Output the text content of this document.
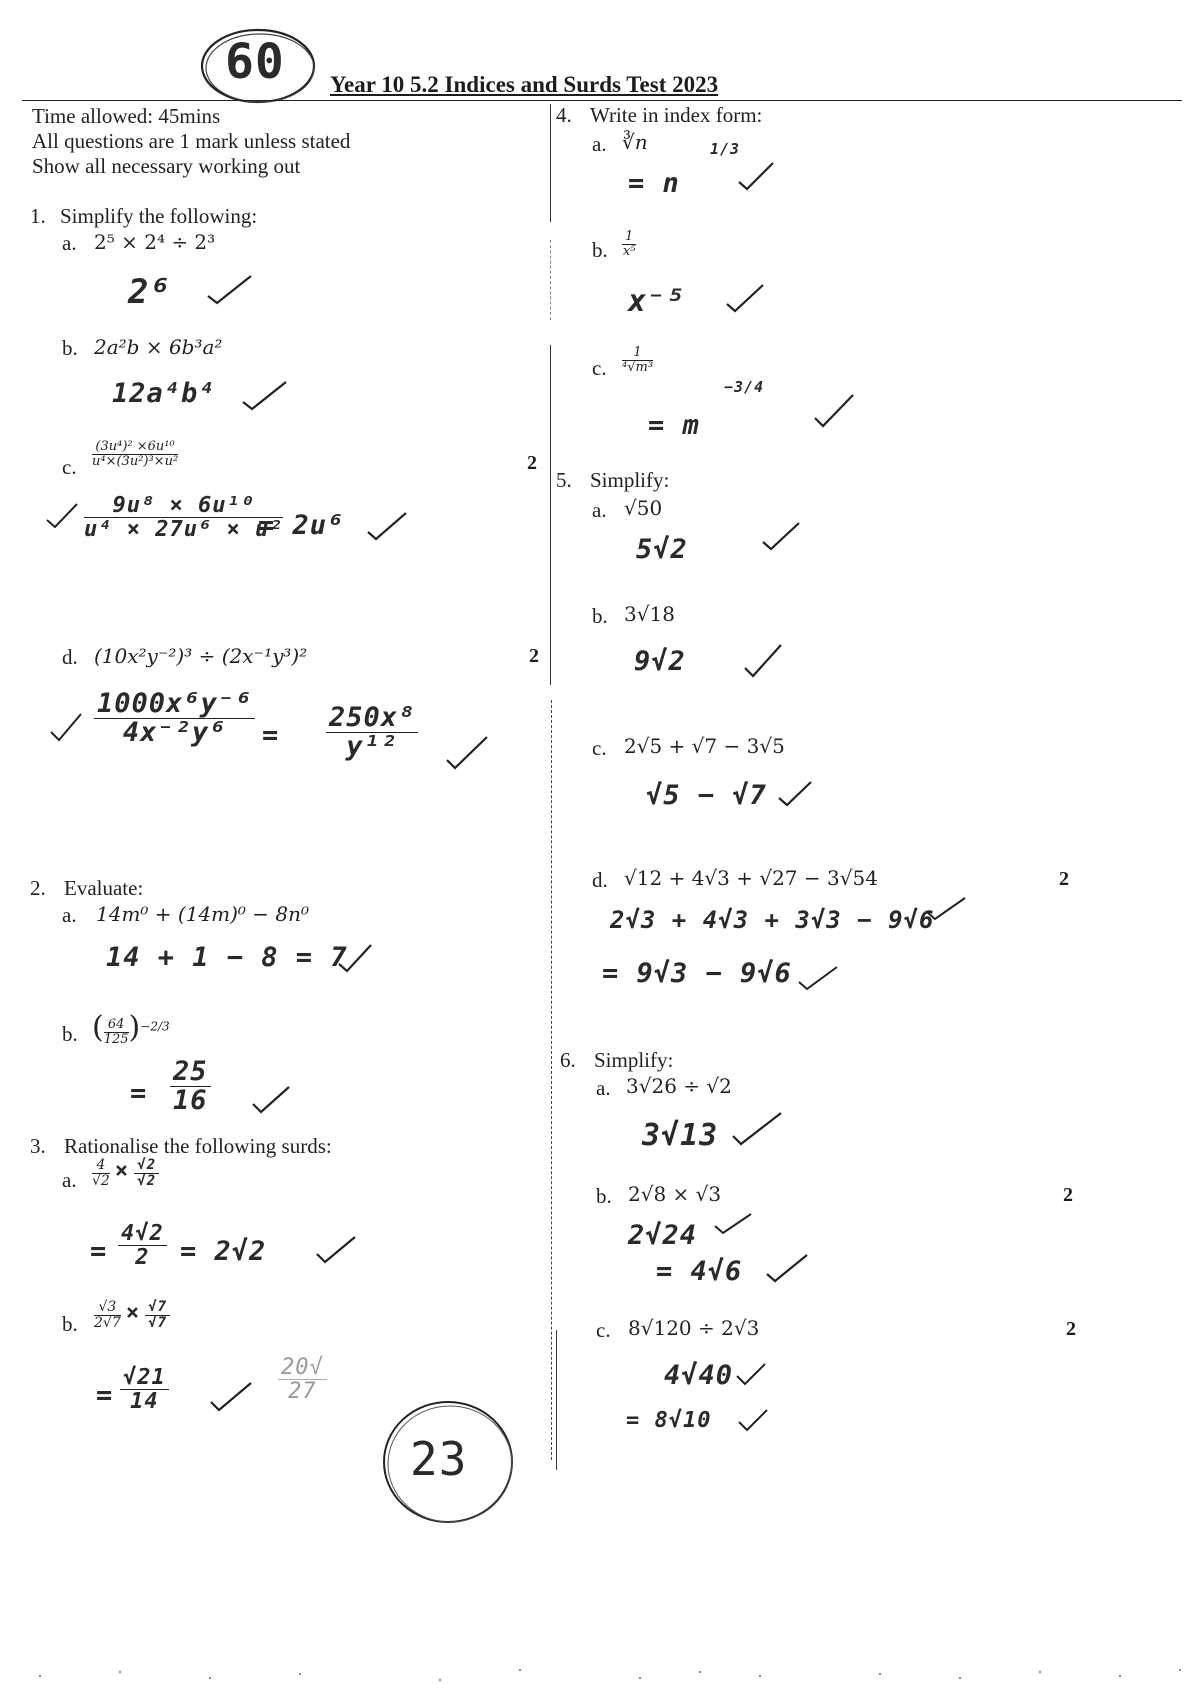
60 Year 10 5.2 Indices and Surds Test 2023
Time allowed: 45mins
All questions are 1 mark unless stated
Show all necessary working out
1. Simplify the following:
a. 2⁵ × 2⁴ ÷ 2³
2⁶
b. 2a²b × 6b³a²
12a⁴b⁴
c. $\frac{\text{(3u⁴)² ×6u¹⁰}}{\text{u⁴×(3u²)³×u²}}$	2
$\frac{\text{9u⁸ × 6u¹⁰}}{\text{u⁴ × 27u⁶ × u²}}$
= 2u⁶
d. (10x²y⁻²)³ ÷ (2x⁻¹y³)²	2
$\frac{\text{1000x⁶y⁻⁶}}{\text{4x⁻²y⁶}} = \frac{\text{250x⁸}}{\text{y¹²}}$
2. Evaluate:
a. 14m⁰ + (14m)⁰ − 8n⁰
14 + 1 − 8 = 7
b. ( $\frac{64}{125} )^{-2/3}$
= $\frac{25}{16}$
3. Rationalise the following surds:
a. $\frac{4}{√2} \times \frac{√2}{√2}$
= $\frac{4√2}{2} = 2√2$
b. $\frac{√3}{2√7} \times \frac{√7}{√7}$
= $\frac{√21}{14}$	$\frac{20√}{27}$
23
4. Write in index form:
a. ∛n
= n
1/3
b. $\frac{1}{\text{x⁵}}$
x⁻⁵
c. $\frac{1}{\text{⁴√m³}}$
= m
−3/4
5. Simplify:
a. √50
5√2
b. 3√18
9√2
c. 2√5 + √7 − 3√5
√5 − √7
d. √12 + 4√3 + √27 − 3√54	2
2√3 + 4√3 + 3√3 − 9√6
= 9√3 − 9√6
6. Simplify:
a. 3√26 ÷ √2
3√13
b. 2√8 × √3	2
2√24
= 4√6
c. 8√120 ÷ 2√3	2
4√40
= 8√10
